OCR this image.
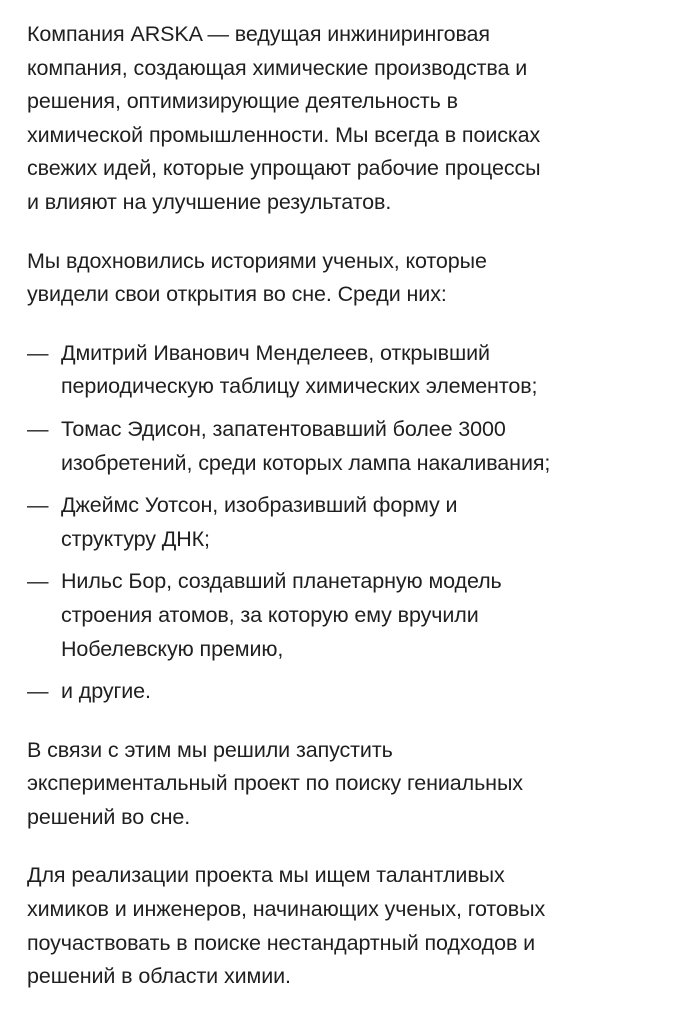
Компания ARSKA — ведущая инжиниринговая
компания, создающая химические производства и
решения, оптимизирующие деятельность в
химической промышленности. Мы всегда в поисках
свежих идей, которые упрощают рабочие процессы
и влияют на улучшение результатов.

Мы вдохновились историями ученых, которые
увидели свои открытия во сне. Среди них:

— Дмитрий Иванович Менделеев, открывший
периодическую таблицу химических элементов;
— Томас Эдисон, запатентовавший более 3000
изобретений, среди которых лампа накаливания;
— Джеймс Уотсон, изобразивший форму и
структуру ДНК;
— Нильс Бор, создавший планетарную модель
строения атомов, за которую ему вручили
Нобелевскую премию,
— и другие.

В связи с этим мы решили запустить
экспериментальный проект по поиску гениальных
решений во сне.

Для реализации проекта мы ищем талантливых
химиков и инженеров, начинающих ученых, готовых
поучаствовать в поиске нестандартный подходов и
решений в области химии.
